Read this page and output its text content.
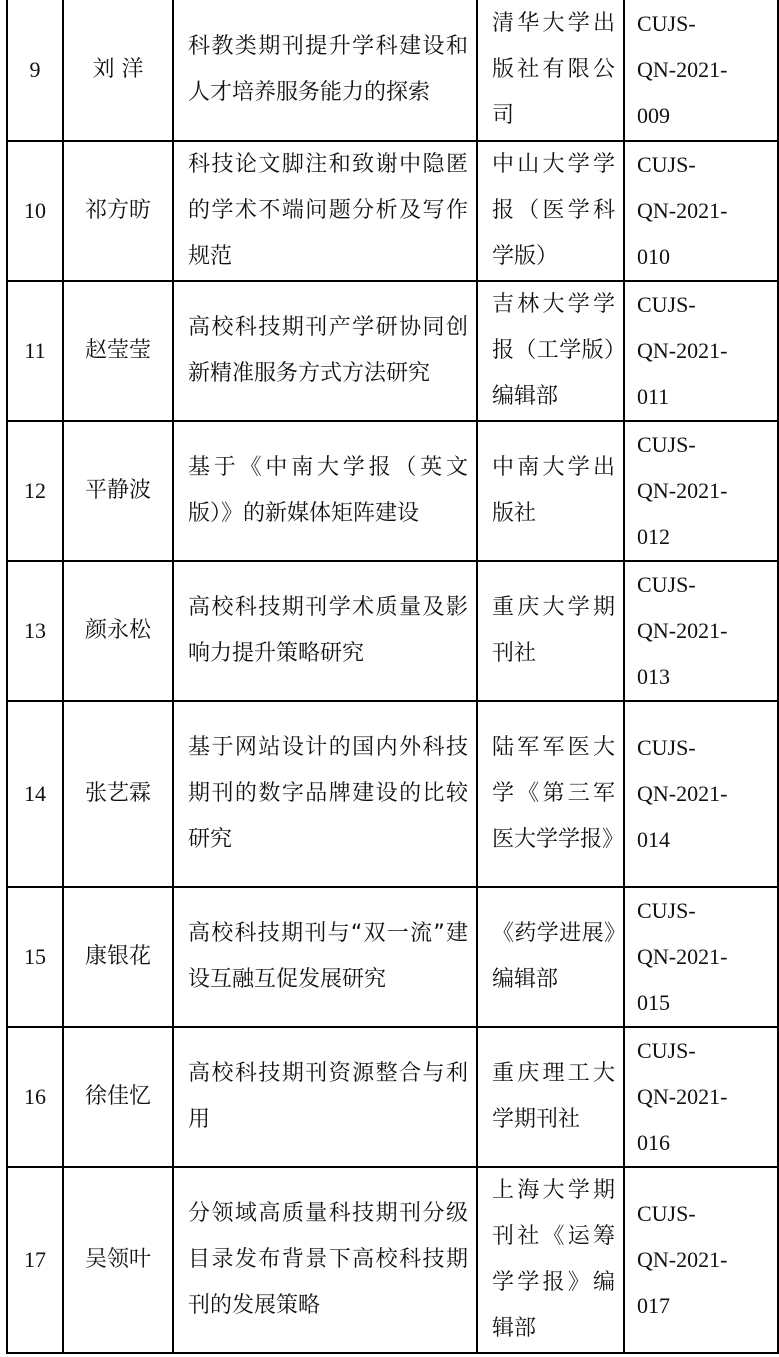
9	刘 洋	科教类期刊提升学科建设和人才培养服务能力的探索	清华大学出版社有限公司	CUJS-
QN-2021-
009

10	祁方昉	科技论文脚注和致谢中隐匿的学术不端问题分析及写作规范	中山大学学报（医学科学版）	CUJS-
QN-2021-
010

11	赵莹莹	高校科技期刊产学研协同创新精准服务方式方法研究	吉林大学学报（工学版）编辑部	CUJS-
QN-2021-
011

12	平静波	基于《中南大学报（英文版）》的新媒体矩阵建设	中南大学出版社	CUJS-
QN-2021-
012

13	颜永松	高校科技期刊学术质量及影响力提升策略研究	重庆大学期刊社	CUJS-
QN-2021-
013

14	张艺霖	基于网站设计的国内外科技期刊的数字品牌建设的比较研究	陆军军医大学《第三军医大学学报》	CUJS-
QN-2021-
014

15	康银花	高校科技期刊与“双一流”建设互融互促发展研究	《药学进展》编辑部	CUJS-
QN-2021-
015

16	徐佳忆	高校科技期刊资源整合与利用	重庆理工大学期刊社	CUJS-
QN-2021-
016

17	吴领叶	分领域高质量科技期刊分级目录发布背景下高校科技期刊的发展策略	上海大学期刊社《运筹学学报》编辑部	CUJS-
QN-2021-
017
